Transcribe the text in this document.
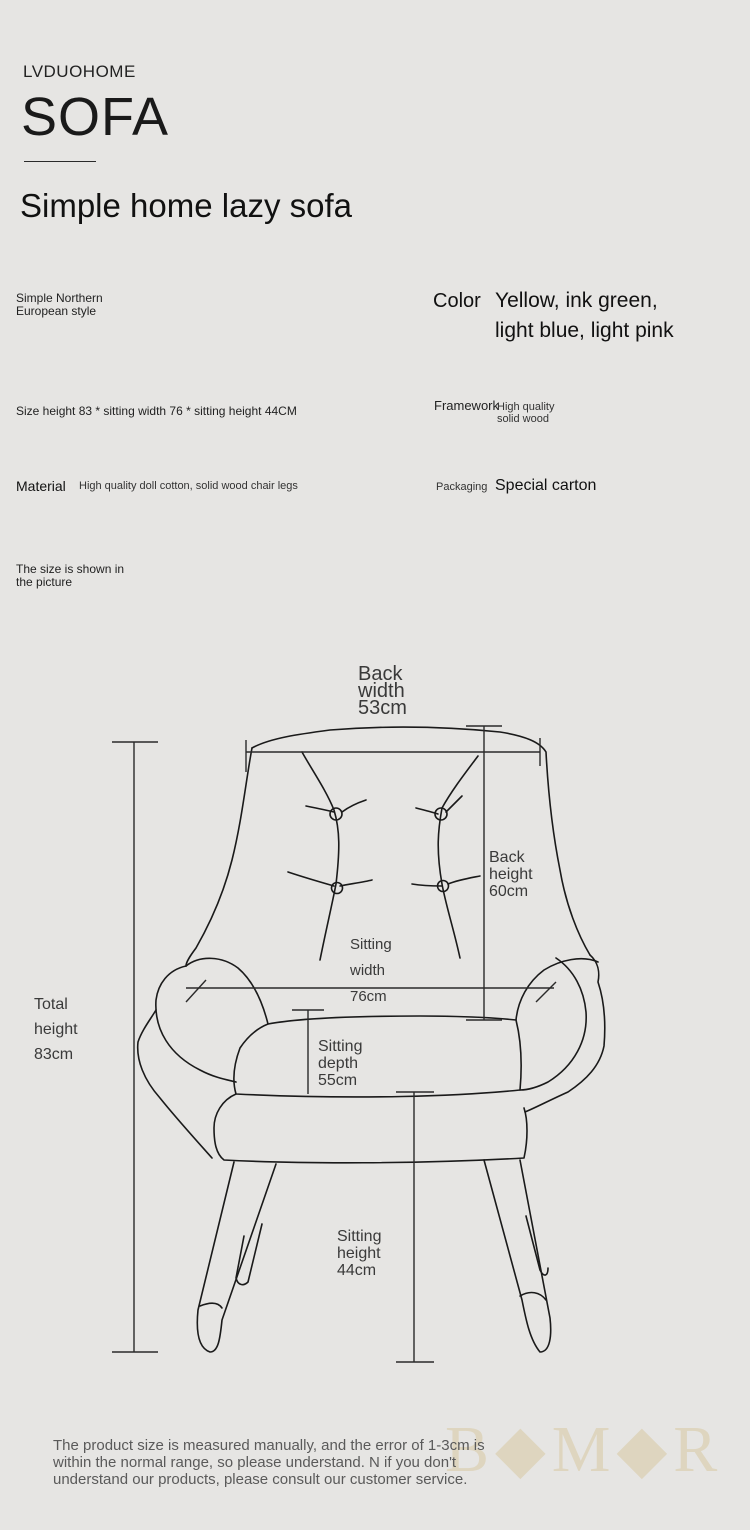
LVDUOHOME
SOFA
Simple home lazy sofa
Simple Northern European style	Color Yellow, ink green, light blue, light pink
Size height 83 * sitting width 76 * sitting height 44CM	Framework
High quality solid wood
Material High quality doll cotton, solid wood chair legs	Packaging Special carton
The size is shown in the picture
Back width 53cm
Back height 60cm
Sitting width 76cm
Total height 83cm	Sitting depth 55cm
Sitting height 44cm
B◆M◆R
The product size is measured manually, and the error of 1-3cm is within the normal range, so please understand. N if you don't understand our products, please consult our customer service.
